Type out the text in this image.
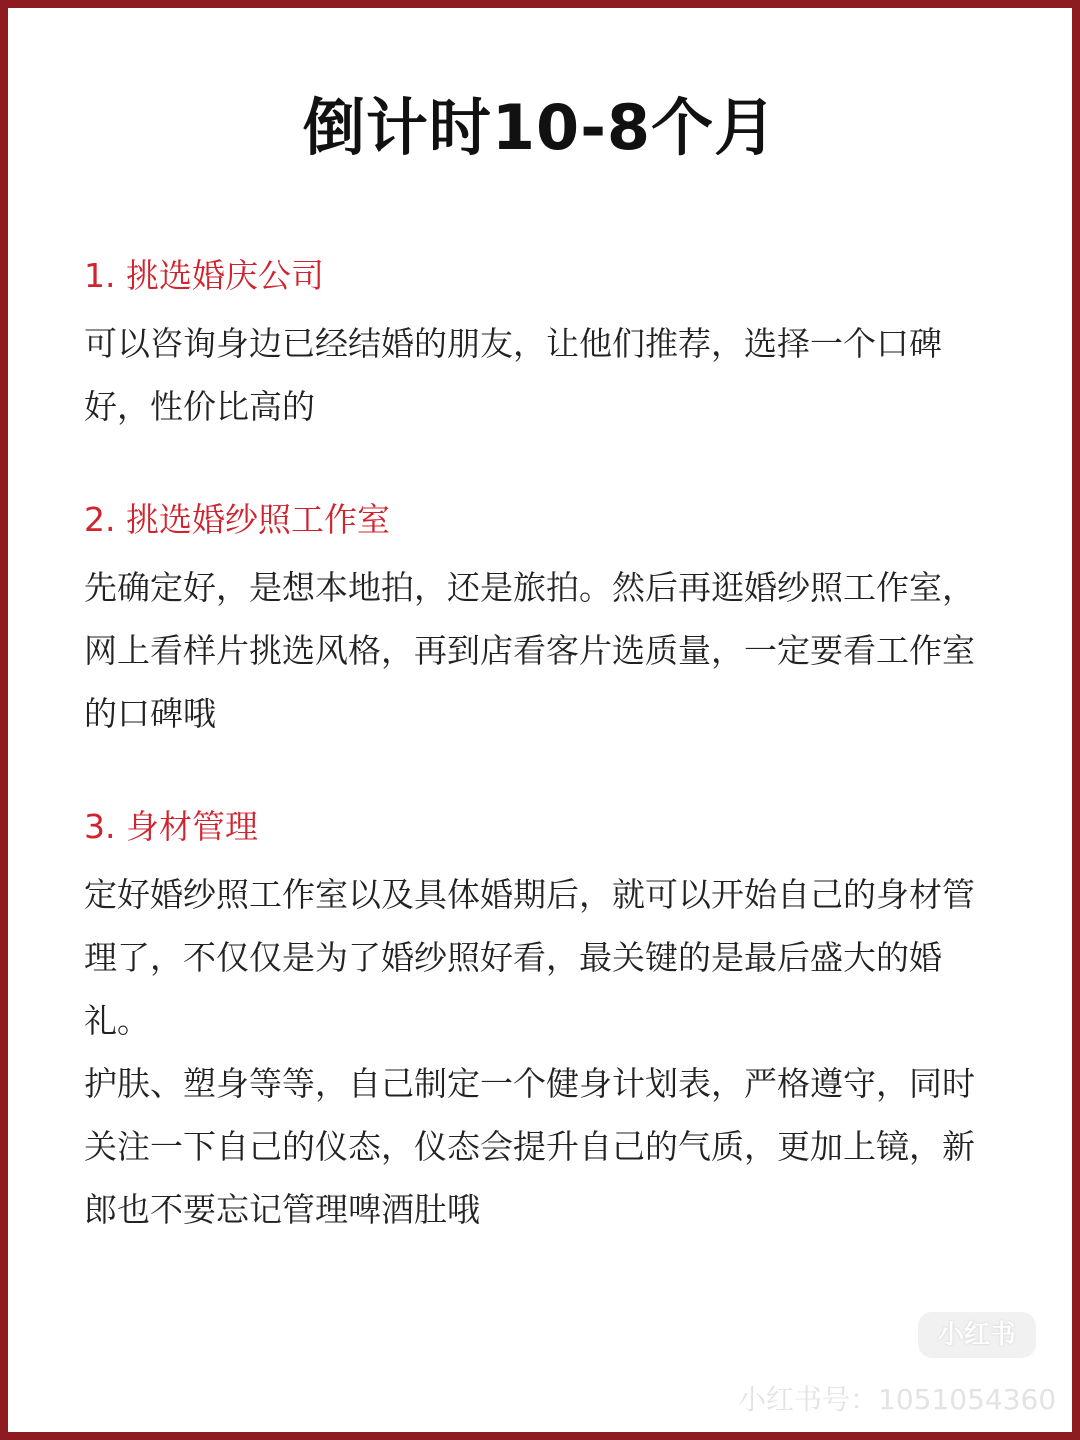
倒计时10-8个月
1. 挑选婚庆公司

可以咨询身边已经结婚的朋友，让他们推荐，选择一个口碑好，性价比高的

2. 挑选婚纱照工作室

先确定好，是想本地拍，还是旅拍。然后再逛婚纱照工作室，网上看样片挑选风格，再到店看客片选质量，一定要看工作室的口碑哦

3. 身材管理

定好婚纱照工作室以及具体婚期后，就可以开始自己的身材管理了，不仅仅是为了婚纱照好看，最关键的是最后盛大的婚礼。

护肤、塑身等等，自己制定一个健身计划表，严格遵守，同时关注一下自己的仪态，仪态会提升自己的气质，更加上镜，新郎也不要忘记管理啤酒肚哦

小红书
小红书号：1051054360
